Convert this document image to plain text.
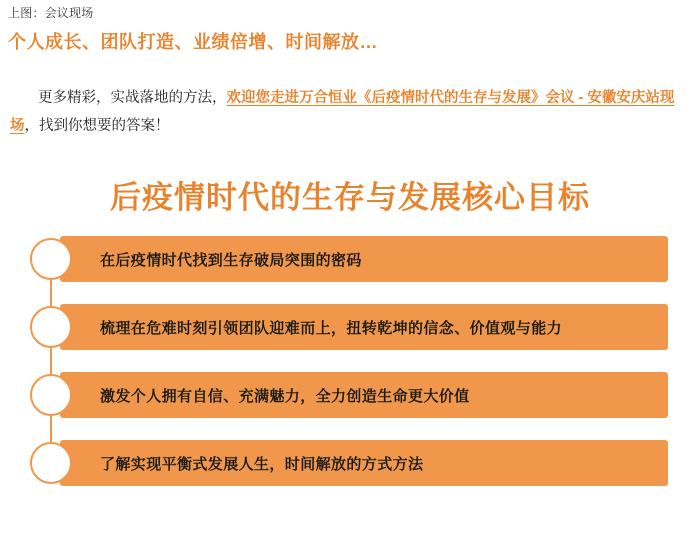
上图：会议现场
个人成长、团队打造、业绩倍增、时间解放…
更多精彩，实战落地的方法，欢迎您走进万合恒业《后疫情时代的生存与发展》会议 - 安徽安庆站现场，找到你想要的答案！
后疫情时代的生存与发展核心目标
在后疫情时代找到生存破局突围的密码
梳理在危难时刻引领团队迎难而上，扭转乾坤的信念、价值观与能力
激发个人拥有自信、充满魅力，全力创造生命更大价值
了解实现平衡式发展人生，时间解放的方式方法
